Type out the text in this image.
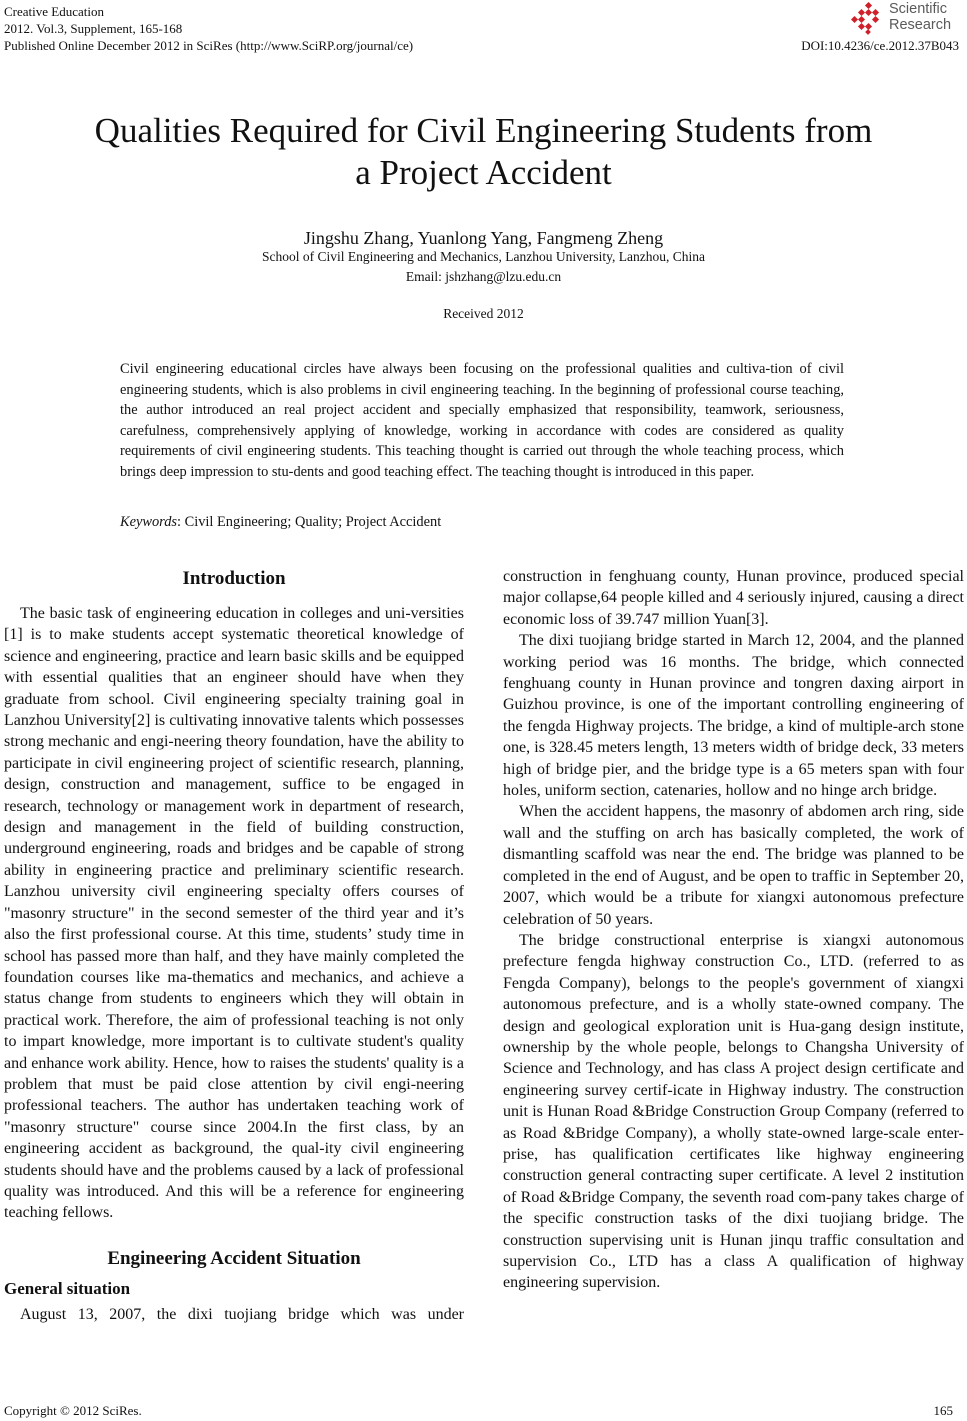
Creative Education
2012. Vol.3, Supplement, 165-168
Published Online December 2012 in SciRes (http://www.SciRP.org/journal/ce)
Scientific
Research
DOI:10.4236/ce.2012.37B043
Qualities Required for Civil Engineering Students from
a Project Accident
Jingshu Zhang, Yuanlong Yang, Fangmeng Zheng
School of Civil Engineering and Mechanics, Lanzhou University, Lanzhou, China
Email: jshzhang@lzu.edu.cn
Received 2012
Civil engineering educational circles have always been focusing on the professional qualities and cultiva-tion of civil engineering students, which is also problems in civil engineering teaching. In the beginning of professional course teaching, the author introduced an real project accident and specially emphasized that responsibility, teamwork, seriousness, carefulness, comprehensively applying of knowledge, working in accordance with codes are considered as quality requirements of civil engineering students. This teaching thought is carried out through the whole teaching process, which brings deep impression to stu-dents and good teaching effect. The teaching thought is introduced in this paper.
Keywords: Civil Engineering; Quality; Project Accident
Introduction

The basic task of engineering education in colleges and uni-versities [1] is to make students accept systematic theoretical knowledge of science and engineering, practice and learn basic skills and be equipped with essential qualities that an engineer should have when they graduate from school. Civil engineering specialty training goal in Lanzhou University[2] is cultivating innovative talents which possesses strong mechanic and engi-neering theory foundation, have the ability to participate in civil engineering project of scientific research, planning, design, construction and management, suffice to be engaged in research, technology or management work in department of research, design and management in the field of building construction, underground engineering, roads and bridges and be capable of strong ability in engineering practice and preliminary scientific research. Lanzhou university civil engineering specialty offers courses of "masonry structure" in the second semester of the third year and it’s also the first professional course. At this time, students’ study time in school has passed more than half, and they have mainly completed the foundation courses like ma-thematics and mechanics, and achieve a status change from students to engineers which they will obtain in practical work. Therefore, the aim of professional teaching is not only to impart knowledge, more important is to cultivate student's quality and enhance work ability. Hence, how to raises the students' quality is a problem that must be paid close attention by civil engi-neering professional teachers. The author has undertaken teaching work of "masonry structure" course since 2004.In the first class, by an engineering accident as background, the qual-ity civil engineering students should have and the problems caused by a lack of professional quality was introduced. And this will be a reference for engineering teaching fellows.

Engineering Accident Situation
General situation

August 13, 2007, the dixi tuojiang bridge which was under

construction in fenghuang county, Hunan province, produced special major collapse,64 people killed and 4 seriously injured, causing a direct economic loss of 39.747 million Yuan[3].

The dixi tuojiang bridge started in March 12, 2004, and the planned working period was 16 months. The bridge, which connected fenghuang county in Hunan province and tongren daxing airport in Guizhou province, is one of the important controlling engineering of the fengda Highway projects. The bridge, a kind of multiple-arch stone one, is 328.45 meters length, 13 meters width of bridge deck, 33 meters high of bridge pier, and the bridge type is a 65 meters span with four holes, uniform section, catenaries, hollow and no hinge arch bridge.

When the accident happens, the masonry of abdomen arch ring, side wall and the stuffing on arch has basically completed, the work of dismantling scaffold was near the end. The bridge was planned to be completed in the end of August, and be open to traffic in September 20, 2007, which would be a tribute for xiangxi autonomous prefecture celebration of 50 years.

The bridge constructional enterprise is xiangxi autonomous prefecture fengda highway construction Co., LTD. (referred to as Fengda Company), belongs to the people's government of xiangxi autonomous prefecture, and is a wholly state-owned company. The design and geological exploration unit is Hua-gang design institute, ownership by the whole people, belongs to Changsha University of Science and Technology, and has class A project design certificate and engineering survey certif-icate in Highway industry. The construction unit is Hunan Road &Bridge Construction Group Company (referred to as Road &Bridge Company), a wholly state-owned large-scale enter-prise, has qualification certificates like highway engineering construction general contracting super certificate. A level 2 institution of Road &Bridge Company, the seventh road com-pany takes charge of the specific construction tasks of the dixi tuojiang bridge. The construction supervising unit is Hunan jinqu traffic consultation and supervision Co., LTD has a class A qualification of highway engineering supervision.

Copyright © 2012 SciRes.	165
